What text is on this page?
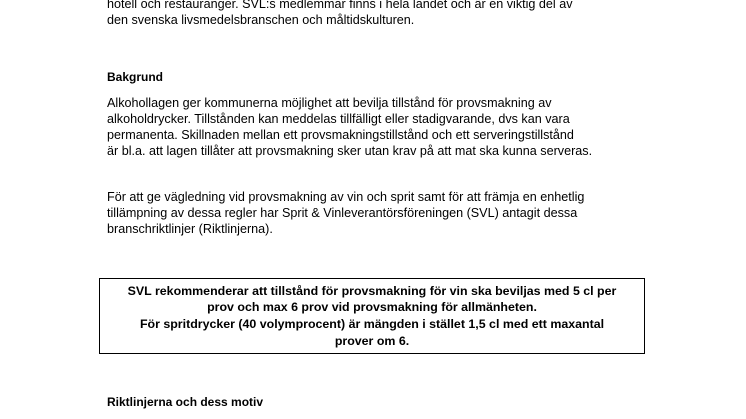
hotell och restauranger. SVL:s medlemmar finns i hela landet och är en viktig del av

den svenska livsmedelsbranschen och måltidskulturen.

Bakgrund

Alkohollagen ger kommunerna möjlighet att bevilja tillstånd för provsmakning av

alkoholdrycker. Tillstånden kan meddelas tillfälligt eller stadigvarande, dvs kan vara

permanenta. Skillnaden mellan ett provsmakningstillstånd och ett serveringstillstånd

är bl.a. att lagen tillåter att provsmakning sker utan krav på att mat ska kunna serveras.

För att ge vägledning vid provsmakning av vin och sprit samt för att främja en enhetlig

tillämpning av dessa regler har Sprit & Vinleverantörsföreningen (SVL) antagit dessa

branschriktlinjer (Riktlinjerna).

SVL rekommenderar att tillstånd för provsmakning för vin ska beviljas med 5 cl per

prov och max 6 prov vid provsmakning för allmänheten.

För spritdrycker (40 volymprocent) är mängden i stället 1,5 cl med ett maxantal

prover om 6.

Riktlinjerna och dess motiv
